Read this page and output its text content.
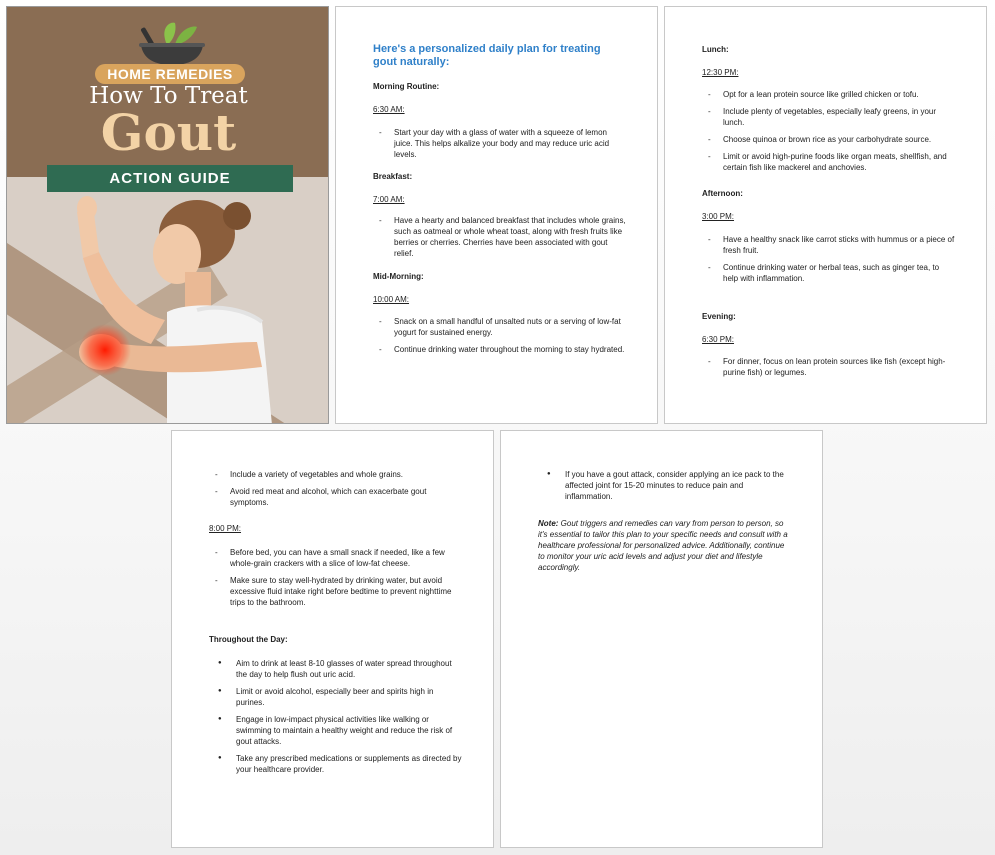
HOME REMEDIES
How To Treat
Gout
ACTION GUIDE
Here's a personalized daily plan for treating gout naturally:
Morning Routine:
6:30 AM:
- Start your day with a glass of water with a squeeze of lemon juice. This helps alkalize your body and may reduce uric acid levels.
Breakfast:
7:00 AM:
- Have a hearty and balanced breakfast that includes whole grains, such as oatmeal or whole wheat toast, along with fresh fruits like berries or cherries. Cherries have been associated with gout relief.
Mid-Morning:
10:00 AM:
- Snack on a small handful of unsalted nuts or a serving of low-fat yogurt for sustained energy.
- Continue drinking water throughout the morning to stay hydrated.
Lunch:
12:30 PM:
- Opt for a lean protein source like grilled chicken or tofu.
- Include plenty of vegetables, especially leafy greens, in your lunch.
- Choose quinoa or brown rice as your carbohydrate source.
- Limit or avoid high-purine foods like organ meats, shellfish, and certain fish like mackerel and anchovies.
Afternoon:
3:00 PM:
- Have a healthy snack like carrot sticks with hummus or a piece of fresh fruit.
- Continue drinking water or herbal teas, such as ginger tea, to help with inflammation.
Evening:
6:30 PM:
- For dinner, focus on lean protein sources like fish (except high-purine fish) or legumes.
- Include a variety of vegetables and whole grains.
- Avoid red meat and alcohol, which can exacerbate gout symptoms.
8:00 PM:
- Before bed, you can have a small snack if needed, like a few whole-grain crackers with a slice of low-fat cheese.
- Make sure to stay well-hydrated by drinking water, but avoid excessive fluid intake right before bedtime to prevent nighttime trips to the bathroom.
Throughout the Day:
● Aim to drink at least 8-10 glasses of water spread throughout the day to help flush out uric acid.
● Limit or avoid alcohol, especially beer and spirits high in purines.
● Engage in low-impact physical activities like walking or swimming to maintain a healthy weight and reduce the risk of gout attacks.
● Take any prescribed medications or supplements as directed by your healthcare provider.
● If you have a gout attack, consider applying an ice pack to the affected joint for 15-20 minutes to reduce pain and inflammation.
Note: Gout triggers and remedies can vary from person to person, so it's essential to tailor this plan to your specific needs and consult with a healthcare professional for personalized advice. Additionally, continue to monitor your uric acid levels and adjust your diet and lifestyle accordingly.
